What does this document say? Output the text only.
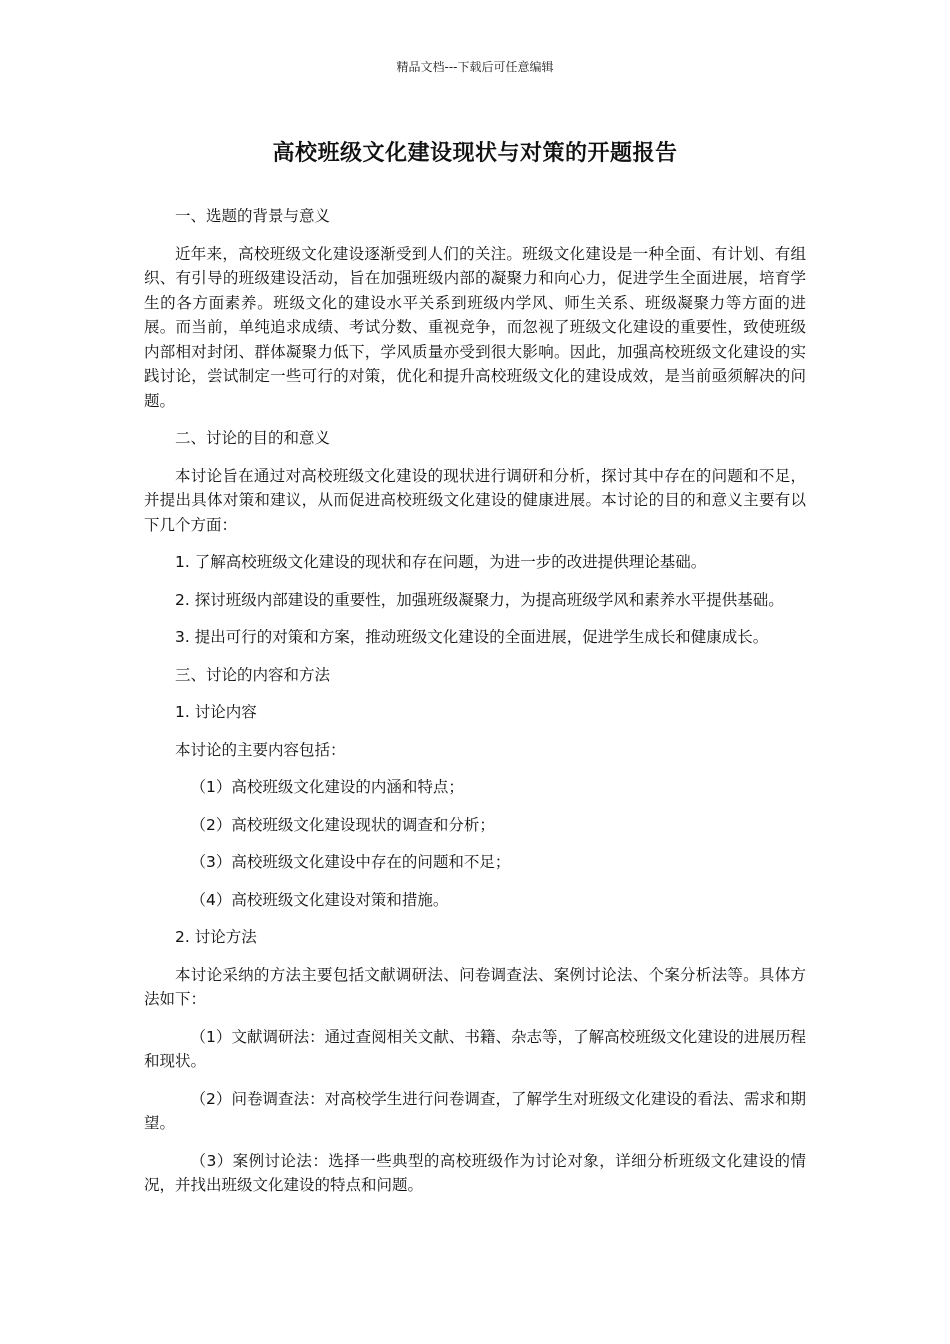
精品文档---下载后可任意编辑
高校班级文化建设现状与对策的开题报告

一、选题的背景与意义

近年来，高校班级文化建设逐渐受到人们的关注。班级文化建设是一种全面、有计划、有组织、有引导的班级建设活动，旨在加强班级内部的凝聚力和向心力，促进学生全面进展，培育学生的各方面素养。班级文化的建设水平关系到班级内学风、师生关系、班级凝聚力等方面的进展。而当前，单纯追求成绩、考试分数、重视竞争，而忽视了班级文化建设的重要性，致使班级内部相对封闭、群体凝聚力低下，学风质量亦受到很大影响。因此，加强高校班级文化建设的实践讨论，尝试制定一些可行的对策，优化和提升高校班级文化的建设成效，是当前亟须解决的问题。

二、讨论的目的和意义

本讨论旨在通过对高校班级文化建设的现状进行调研和分析，探讨其中存在的问题和不足，并提出具体对策和建议，从而促进高校班级文化建设的健康进展。本讨论的目的和意义主要有以下几个方面：

1. 了解高校班级文化建设的现状和存在问题，为进一步的改进提供理论基础。

2. 探讨班级内部建设的重要性，加强班级凝聚力，为提高班级学风和素养水平提供基础。

3. 提出可行的对策和方案，推动班级文化建设的全面进展，促进学生成长和健康成长。

三、讨论的内容和方法

1. 讨论内容

本讨论的主要内容包括：

（1）高校班级文化建设的内涵和特点；

（2）高校班级文化建设现状的调查和分析；

（3）高校班级文化建设中存在的问题和不足；

（4）高校班级文化建设对策和措施。

2. 讨论方法

本讨论采纳的方法主要包括文献调研法、问卷调查法、案例讨论法、个案分析法等。具体方法如下：

（1）文献调研法：通过查阅相关文献、书籍、杂志等，了解高校班级文化建设的进展历程和现状。

（2）问卷调查法：对高校学生进行问卷调查，了解学生对班级文化建设的看法、需求和期望。

（3）案例讨论法：选择一些典型的高校班级作为讨论对象，详细分析班级文化建设的情况，并找出班级文化建设的特点和问题。
